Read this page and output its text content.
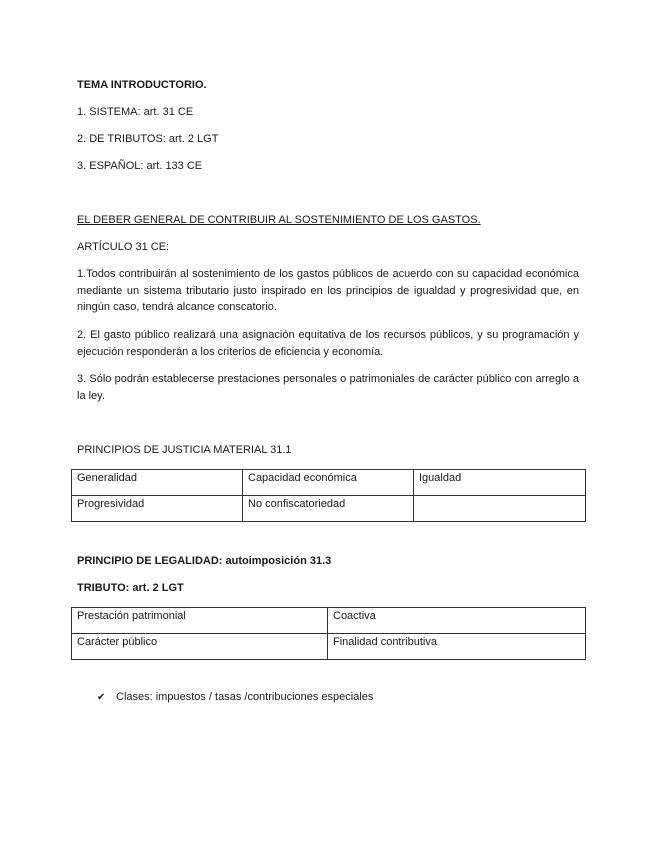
TEMA INTRODUCTORIO.
1. SISTEMA: art. 31 CE
2. DE TRIBUTOS: art. 2 LGT
3. ESPAÑOL: art. 133 CE
EL DEBER GENERAL DE CONTRIBUIR AL SOSTENIMIENTO DE LOS GASTOS.
ARTÍCULO 31 CE:
1.Todos contribuirán al sostenimiento de los gastos públicos de acuerdo con su capacidad económica mediante un sistema tributario justo inspirado en los principios de igualdad y progresividad que, en ningún caso, tendrá alcance conscatorio.
2. El gasto público realizará una asignación equitativa de los recursos públicos, y su programación y ejecución responderán a los criterios de eficiencia y economía.
3. Sólo podrán establecerse prestaciones personales o patrimoniales de carácter público con arreglo a la ley.
PRINCIPIOS DE JUSTICIA MATERIAL 31.1
Generalidad	Capacidad económica	Igualdad
Progresividad	No confiscatoriedad	
PRINCIPIO DE LEGALIDAD: autoimposición 31.3
TRIBUTO: art. 2 LGT
Prestación patrimonial	Coactiva
Carácter público	Finalidad contributiva
✔ Clases: impuestos / tasas /contribuciones especiales
